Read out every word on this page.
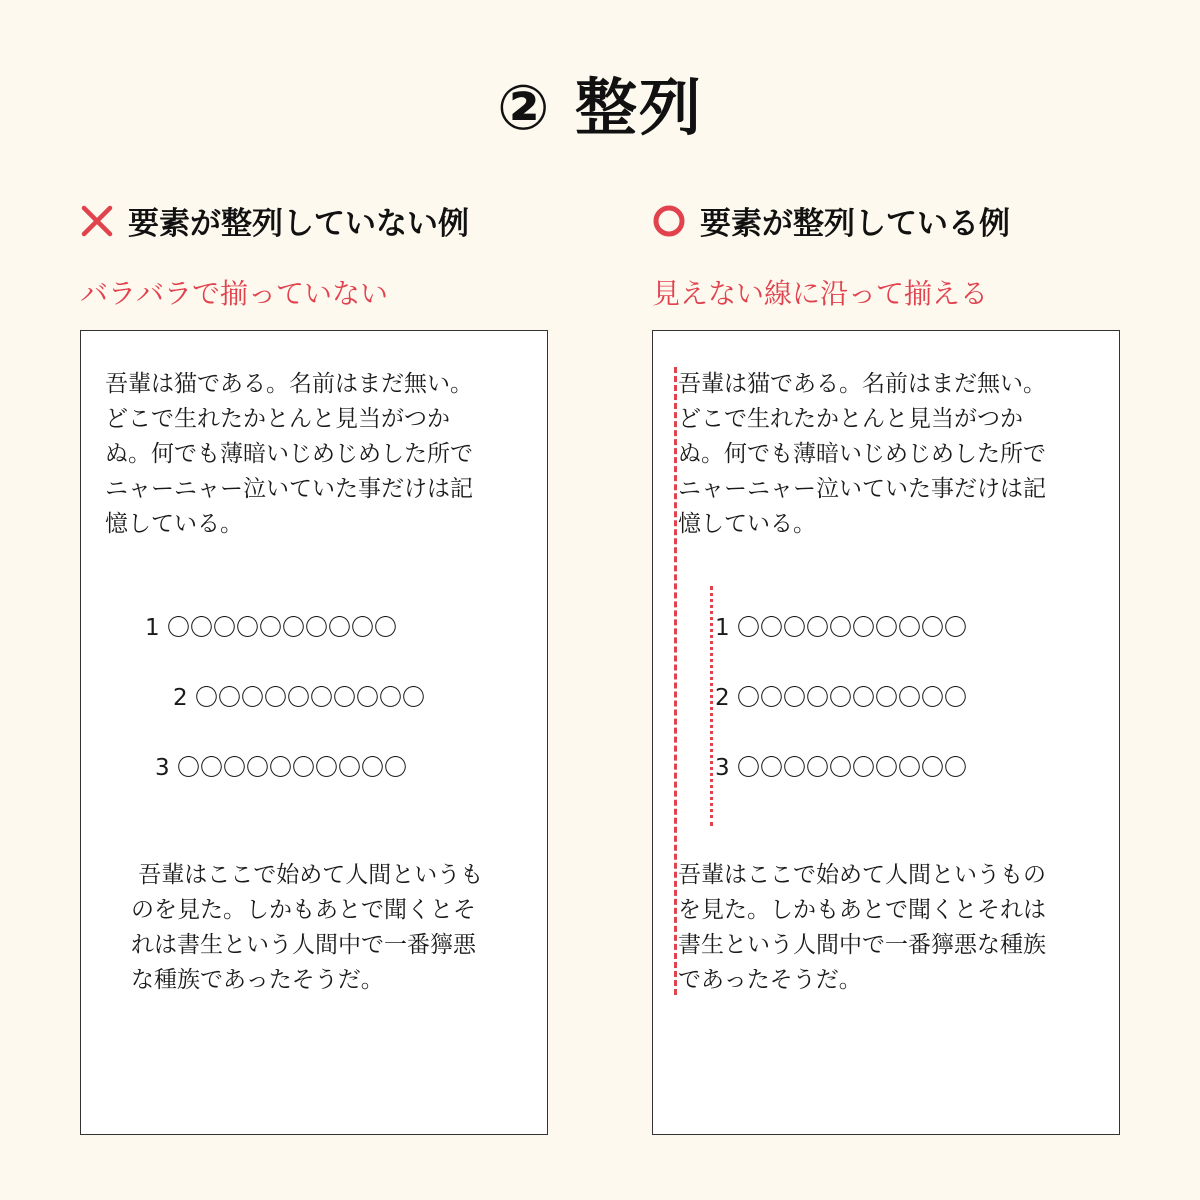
② 整列
要素が整列していない例
バラバラで揃っていない
要素が整列している例
見えない線に沿って揃える
吾輩は猫である。名前はまだ無い。
どこで生れたかとんと見当がつか
ぬ。何でも薄暗いじめじめした所で
ニャーニャー泣いていた事だけは記
憶している。
1 〇〇〇〇〇〇〇〇〇〇
2 〇〇〇〇〇〇〇〇〇〇
3 〇〇〇〇〇〇〇〇〇〇
吾輩はここで始めて人間というも
のを見た。しかもあとで聞くとそ
れは書生という人間中で一番獰悪
な種族であったそうだ。
吾輩は猫である。名前はまだ無い。
どこで生れたかとんと見当がつか
ぬ。何でも薄暗いじめじめした所で
ニャーニャー泣いていた事だけは記
憶している。
1 〇〇〇〇〇〇〇〇〇〇
2 〇〇〇〇〇〇〇〇〇〇
3 〇〇〇〇〇〇〇〇〇〇
吾輩はここで始めて人間というもの
を見た。しかもあとで聞くとそれは
書生という人間中で一番獰悪な種族
であったそうだ。
